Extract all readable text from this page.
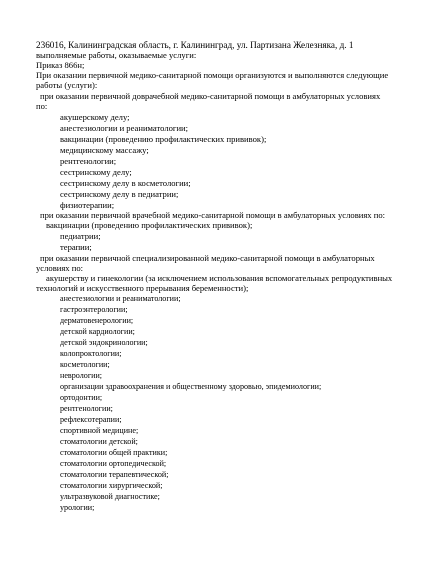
236016, Калининградская область, г. Калининград, ул. Партизана Железняка, д. 1
выполняемые работы, оказываемые услуги:
Приказ 866н;
При оказании первичной медико-санитарной помощи организуются и выполняются следующие
работы (услуги):
при оказании первичной доврачебной медико-санитарной помощи в амбулаторных условиях
по:
акушерскому делу;
анестезиологии и реаниматологии;
вакцинации (проведению профилактических прививок);
медицинскому массажу;
рентгенологии;
сестринскому делу;
сестринскому делу в косметологии;
сестринскому делу в педиатрии;
физиотерапии;
при оказании первичной врачебной медико-санитарной помощи в амбулаторных условиях по:
вакцинации (проведению профилактических прививок);
педиатрии;
терапии;
при оказании первичной специализированной медико-санитарной помощи в амбулаторных
условиях по:
акушерству и гинекологии (за исключением использования вспомогательных репродуктивных
технологий и искусственного прерывания беременности);
анестезиологии и реаниматологии;
гастроэнтерологии;
дерматовенерологии;
детской кардиологии;
детской эндокринологии;
колопроктологии;
косметологии;
неврологии;
организации здравоохранения и общественному здоровью, эпидемиологии;
ортодонтии;
рентгенологии;
рефлексотерапии;
спортивной медицине;
стоматологии детской;
стоматологии общей практики;
стоматологии ортопедической;
стоматологии терапевтической;
стоматологии хирургической;
ультразвуковой диагностике;
урологии;
